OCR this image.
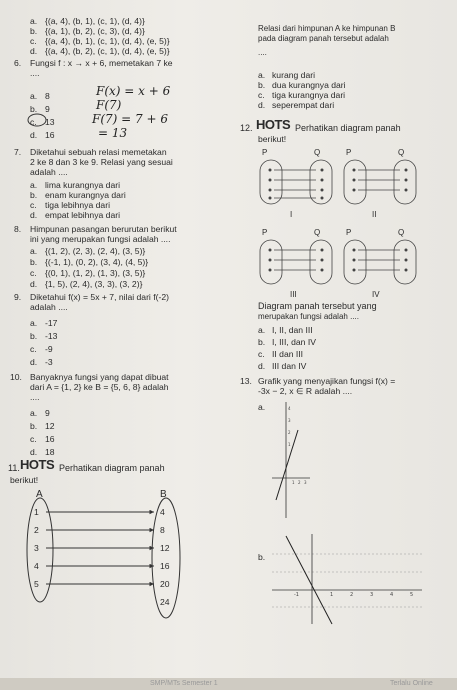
a. {(a, 4), (b, 1), (c, 1), (d, 4)}
b. {(a, 1), (b, 2), (c, 3), (d, 4)}
c. {(a, 4), (b, 1), (c, 1), (d, 4), (e, 5)}
d. {(a, 4), (b, 2), (c, 1), (d, 4), (e, 5)}
6. Fungsi f : x → x + 6, memetakan 7 ke
....
a. 8
b. 9
c. 13
d. 16
F(x) = x + 6
F(7)
F(7) = 7 + 6
= 13
7. Diketahui sebuah relasi memetakan
2 ke 8 dan 3 ke 9. Relasi yang sesuai
adalah ....
a. lima kurangnya dari
b. enam kurangnya dari
c. tiga lebihnya dari
d. empat lebihnya dari
8. Himpunan pasangan berurutan berikut
ini yang merupakan fungsi adalah ....
a. {(1, 2), (2, 3), (2, 4), (3, 5)}
b. {(-1, 1), (0, 2), (3, 4), (4, 5)}
c. {(0, 1), (1, 2), (1, 3), (3, 5)}
d. {1, 5), (2, 4), (3, 3), (3, 2)}
9. Diketahui f(x) = 5x + 7, nilai dari f(-2)
adalah ....
a. -17
b. -13
c. -9
d. -3
10. Banyaknya fungsi yang dapat dibuat
dari A = {1, 2} ke B = {5, 6, 8} adalah
....
a. 9
b. 12
c. 16
d. 18
11. HOTS Perhatikan diagram panah
berikut!
A	B
1
2
3
4
5
4
8
12
16
20
24
Relasi dari himpunan A ke himpunan B
pada diagram panah tersebut adalah
....
a. kurang dari
b. dua kurangnya dari
c. tiga kurangnya dari
d. seperempat dari
12. HOTS Perhatikan diagram panah
berikut!
P	Q	P	Q
I	II
P	Q	P	Q
III	IV
Diagram panah tersebut yang
merupakan fungsi adalah ....
a. I, II, dan III
b. I, III, dan IV
c. II dan III
d. III dan IV
13. Grafik yang menyajikan fungsi f(x) =
-3x − 2, x ∈ R adalah ....
a.	4
3
2
1
1 2 3
b.
-1	1	2	3	4	5
SMP/MTs Semester 1	Terlalu Online
